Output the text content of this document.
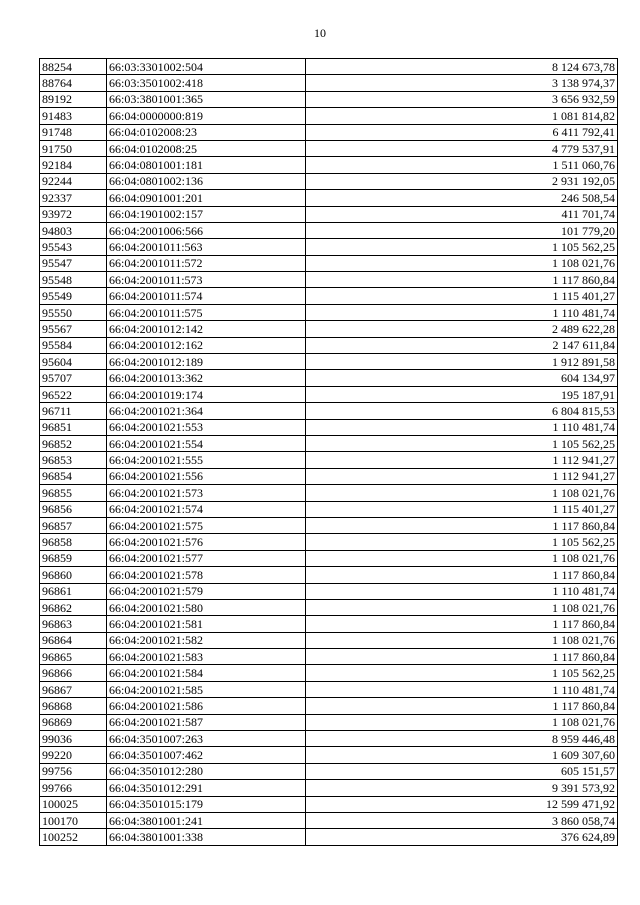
10
88254	66:03:3301002:504	8 124 673,78
88764	66:03:3501002:418	3 138 974,37
89192	66:03:3801001:365	3 656 932,59
91483	66:04:0000000:819	1 081 814,82
91748	66:04:0102008:23	6 411 792,41
91750	66:04:0102008:25	4 779 537,91
92184	66:04:0801001:181	1 511 060,76
92244	66:04:0801002:136	2 931 192,05
92337	66:04:0901001:201	246 508,54
93972	66:04:1901002:157	411 701,74
94803	66:04:2001006:566	101 779,20
95543	66:04:2001011:563	1 105 562,25
95547	66:04:2001011:572	1 108 021,76
95548	66:04:2001011:573	1 117 860,84
95549	66:04:2001011:574	1 115 401,27
95550	66:04:2001011:575	1 110 481,74
95567	66:04:2001012:142	2 489 622,28
95584	66:04:2001012:162	2 147 611,84
95604	66:04:2001012:189	1 912 891,58
95707	66:04:2001013:362	604 134,97
96522	66:04:2001019:174	195 187,91
96711	66:04:2001021:364	6 804 815,53
96851	66:04:2001021:553	1 110 481,74
96852	66:04:2001021:554	1 105 562,25
96853	66:04:2001021:555	1 112 941,27
96854	66:04:2001021:556	1 112 941,27
96855	66:04:2001021:573	1 108 021,76
96856	66:04:2001021:574	1 115 401,27
96857	66:04:2001021:575	1 117 860,84
96858	66:04:2001021:576	1 105 562,25
96859	66:04:2001021:577	1 108 021,76
96860	66:04:2001021:578	1 117 860,84
96861	66:04:2001021:579	1 110 481,74
96862	66:04:2001021:580	1 108 021,76
96863	66:04:2001021:581	1 117 860,84
96864	66:04:2001021:582	1 108 021,76
96865	66:04:2001021:583	1 117 860,84
96866	66:04:2001021:584	1 105 562,25
96867	66:04:2001021:585	1 110 481,74
96868	66:04:2001021:586	1 117 860,84
96869	66:04:2001021:587	1 108 021,76
99036	66:04:3501007:263	8 959 446,48
99220	66:04:3501007:462	1 609 307,60
99756	66:04:3501012:280	605 151,57
99766	66:04:3501012:291	9 391 573,92
100025	66:04:3501015:179	12 599 471,92
100170	66:04:3801001:241	3 860 058,74
100252	66:04:3801001:338	376 624,89
